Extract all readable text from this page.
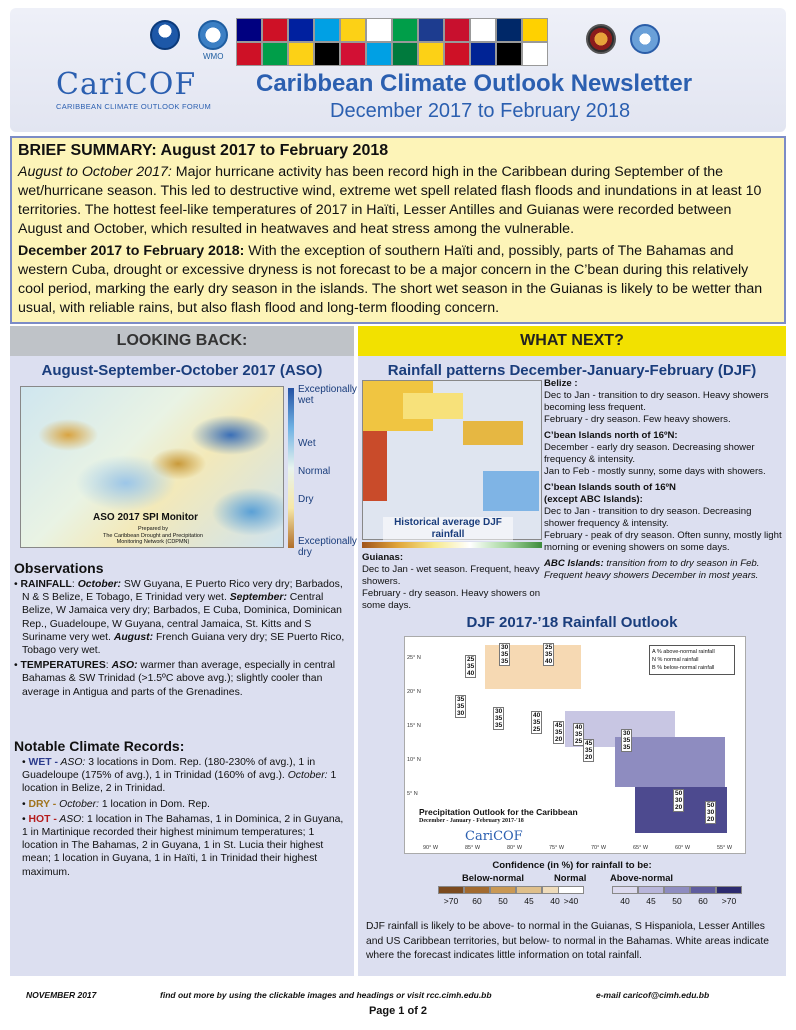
WMO
CariCOF
CARIBBEAN CLIMATE OUTLOOK FORUM
Caribbean Climate Outlook Newsletter
December 2017 to February 2018
BRIEF SUMMARY: August 2017 to February 2018

August to October 2017: Major hurricane activity has been record high in the Caribbean during September of the wet/hurricane season. This led to destructive wind, extreme wet spell related flash floods and inundations in at least 10 territories. The hottest feel-like temperatures of 2017 in Haïti, Lesser Antilles and Guianas were recorded between August and October, which resulted in heatwaves and heat stress among the vulnerable.

December 2017 to February 2018: With the exception of southern Haïti and, possibly, parts of The Bahamas and western Cuba, drought or excessive dryness is not forecast to be a major concern in the C’bean during this relatively cool period, marking the early dry season in the islands. The short wet season in the Guianas is likely to be wetter than usual, with reliable rains, but also flash flood and long-term flooding concern.

LOOKING BACK:
August-September-October 2017 (ASO)
ASO 2017 SPI Monitor
Prepared by
The Caribbean Drought and Precipitation
Monitoring Network (CDPMN)
Exceptionally wet
Wet
Normal
Dry
Exceptionally dry
Observations
• RAINFALL: October: SW Guyana, E Puerto Rico very dry; Barbados, N & S Belize, E Tobago, E Trinidad very wet. September: Central Belize, W Jamaica very dry; Barbados, E Cuba, Dominica, Dominican Rep., Guadeloupe, W Guyana, central Jamaica, St. Kitts and S Suriname very wet. August: French Guiana very dry; SE Puerto Rico, Tobago very wet.
• TEMPERATURES: ASO: warmer than average, especially in central Bahamas & SW Trinidad (>1.5ºC above avg.); slightly cooler than average in Antigua and parts of the Grenadines.
Notable Climate Records:
• WET - ASO: 3 locations in Dom. Rep. (180-230% of avg.), 1 in Guadeloupe (175% of avg.), 1 in Trinidad (160% of avg.). October: 1 location in Belize, 2 in Trinidad.
• DRY - October: 1 location in Dom. Rep.
• HOT - ASO: 1 location in The Bahamas, 1 in Dominica, 2 in Guyana, 1 in Martinique recorded their highest minimum temperatures; 1 location in The Bahamas, 2 in Guyana, 1 in St. Lucia their highest mean; 1 location in Guyana, 1 in Haïti, 1 in Trinidad their highest maximum.
WHAT NEXT?
Rainfall patterns December-January-February (DJF)
Historical average DJF rainfall
Belize :
Dec to Jan - transition to dry season. Heavy showers becoming less frequent.
February - dry season. Few heavy showers.
C’bean Islands north of 16ºN:
December - early dry season. Decreasing shower frequency & intensity.
Jan to Feb - mostly sunny, some days with showers.
C’bean Islands south of 16ºN
(except ABC Islands):
Dec to Jan - transition to dry season. Decreasing shower frequency & intensity.
February - peak of dry season. Often sunny, mostly light morning or evening showers on some days.
ABC Islands: transition from to dry season in Feb. Frequent heavy showers December in most years.
Guianas:
Dec to Jan - wet season. Frequent, heavy showers.
February - dry season. Heavy showers on some days.
DJF 2017-’18 Rainfall Outlook
A % above-normal rainfall
N % normal rainfall
B % below-normal rainfall
Precipitation Outlook for the Caribbean
December - January - February 2017-'18
CariCOF
25° N
20° N
15° N
10° N
5° N
90° W	85° W	80° W	75° W	70° W	65° W	60° W	55° W
25
35
40
30
35
35
25
35
40
35
35
30	30
35
35
40
35
25
45
35
20
40
35
25 45
35
20
30
35
35
50
30
20	50
30
20
Confidence (in %) for rainfall to be:
Below-normal	Normal	Above-normal
>70	60	50	45	40 >40	40	45	50	60	>70
DJF rainfall is likely to be above- to normal in the Guianas, S Hispaniola, Lesser Antilles and US Caribbean territories, but below- to normal in the Bahamas. White areas indicate where the forecast indicates little information on total rainfall.
NOVEMBER 2017	find out more by using the clickable images and headings or visit rcc.cimh.edu.bb	e-mail caricof@cimh.edu.bb
Page 1 of 2
